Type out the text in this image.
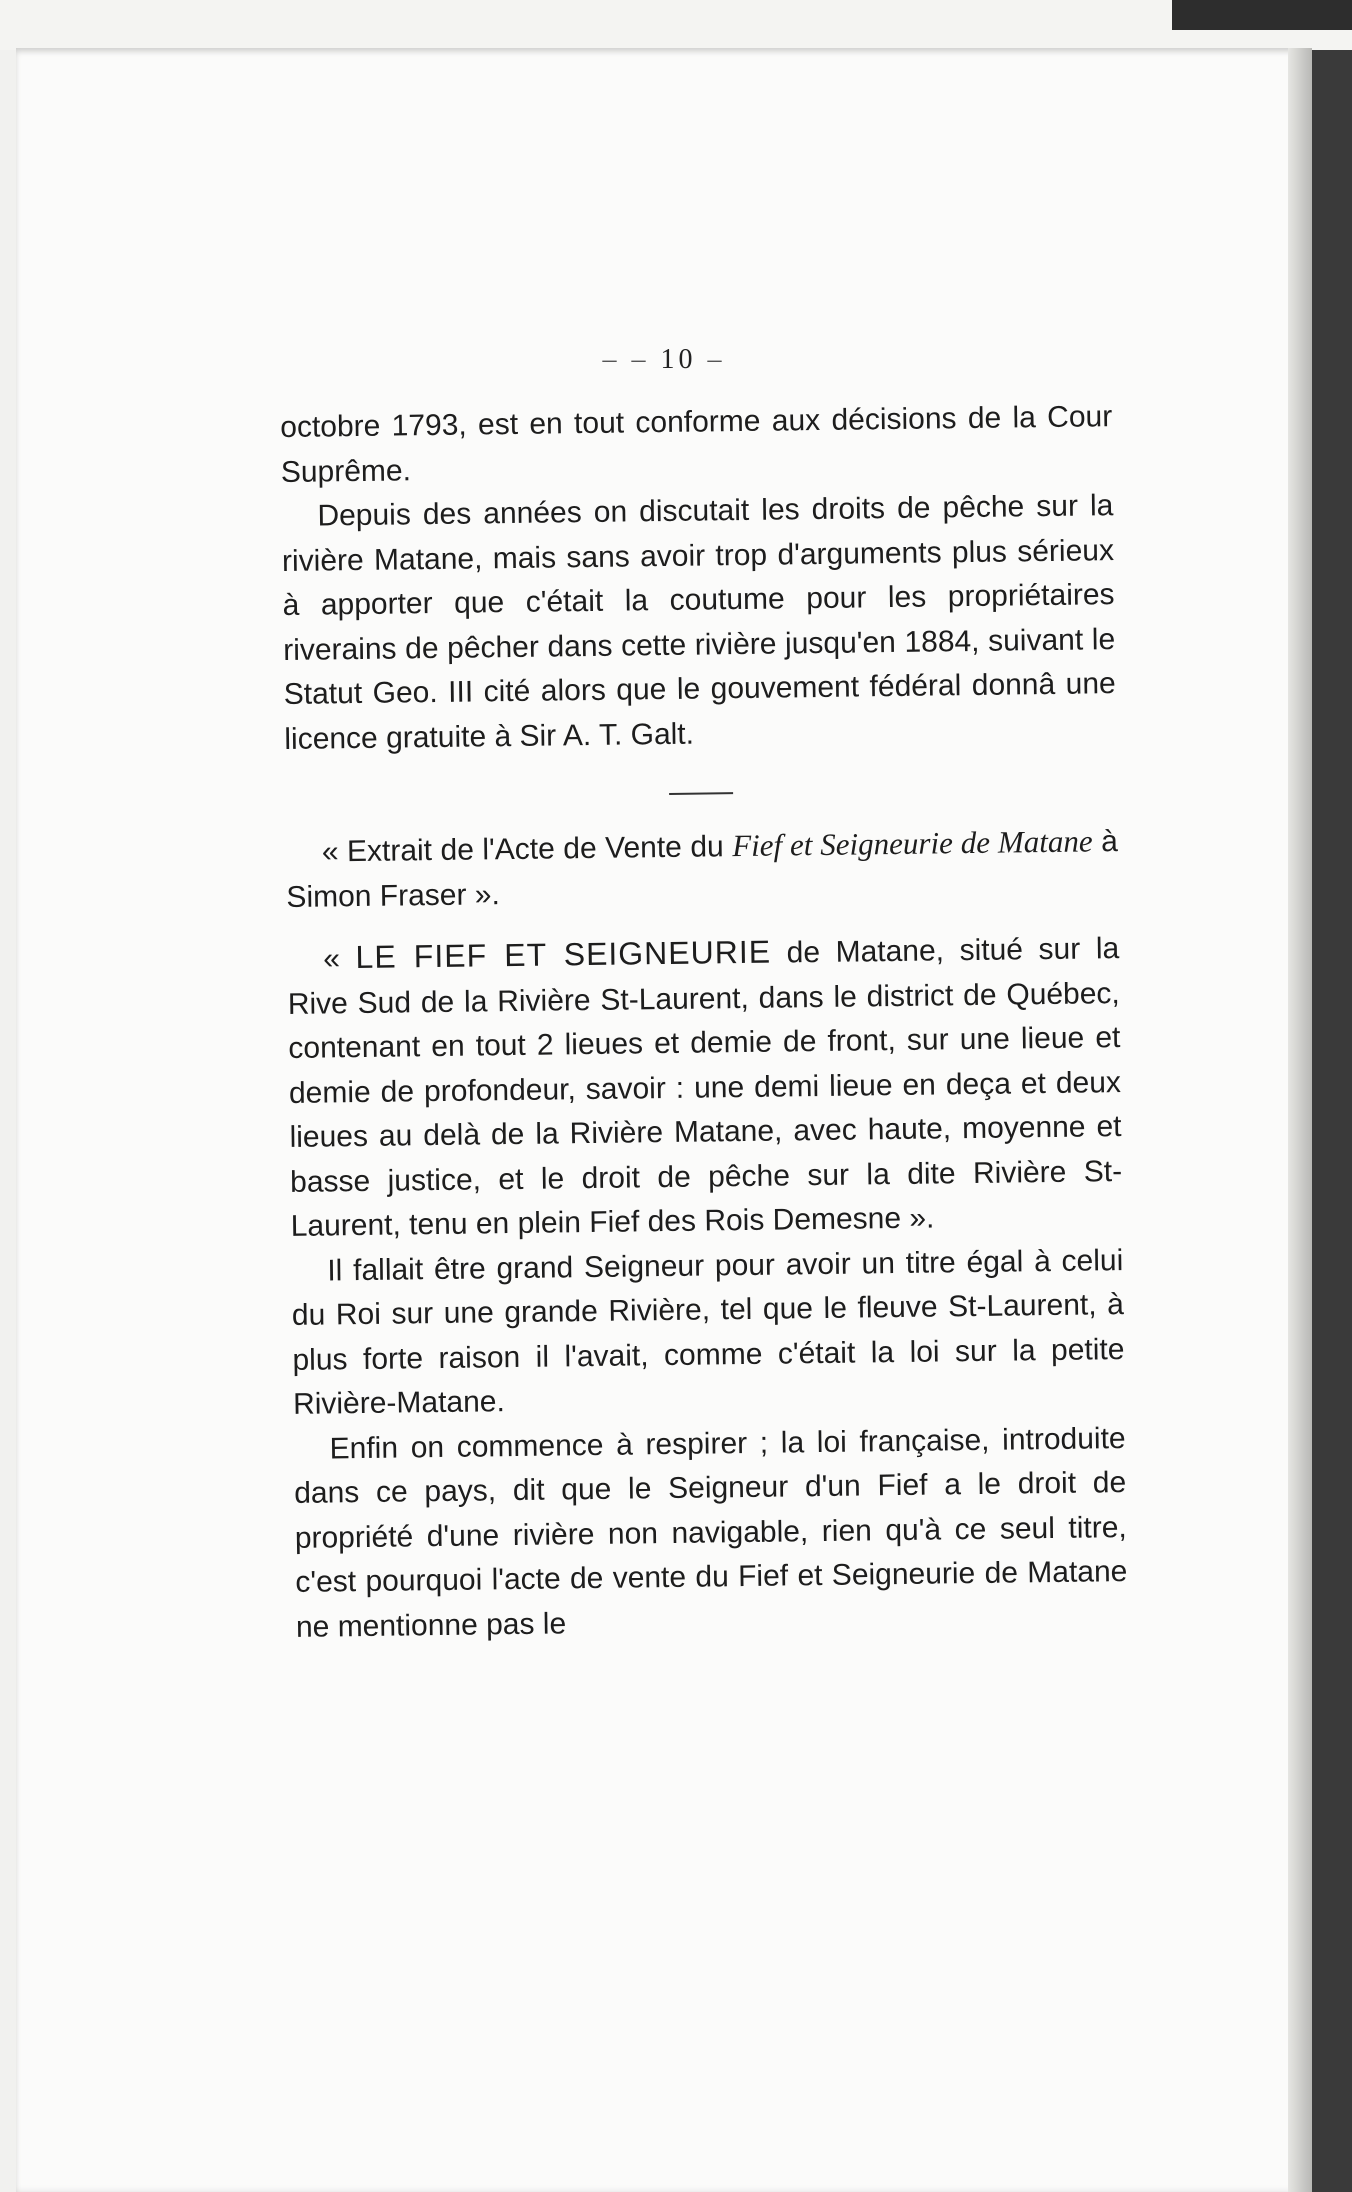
– – 10 –

octobre 1793, est en tout conforme aux décisions de la Cour Suprême.

Depuis des années on discutait les droits de pêche sur la rivière Matane, mais sans avoir trop d'arguments plus sérieux à apporter que c'était la coutume pour les propriétaires riverains de pêcher dans cette rivière jusqu'en 1884, suivant le Statut Geo. III cité alors que le gouvement fédéral donnâ une licence gratuite à Sir A. T. Galt.

« Extrait de l'Acte de Vente du Fief et Seigneurie de Matane à Simon Fraser ».

« LE FIEF ET SEIGNEURIE de Matane, situé sur la Rive Sud de la Rivière St-Laurent, dans le district de Québec, contenant en tout 2 lieues et demie de front, sur une lieue et demie de profondeur, savoir : une demi lieue en deça et deux lieues au delà de la Rivière Matane, avec haute, moyenne et basse justice, et le droit de pêche sur la dite Rivière St-Laurent, tenu en plein Fief des Rois Demesne ».

Il fallait être grand Seigneur pour avoir un titre égal à celui du Roi sur une grande Rivière, tel que le fleuve St-Laurent, à plus forte raison il l'avait, comme c'était la loi sur la petite Rivière-Matane.

Enfin on commence à respirer ; la loi française, introduite dans ce pays, dit que le Seigneur d'un Fief a le droit de propriété d'une rivière non navigable, rien qu'à ce seul titre, c'est pourquoi l'acte de vente du Fief et Seigneurie de Matane ne mentionne pas le
